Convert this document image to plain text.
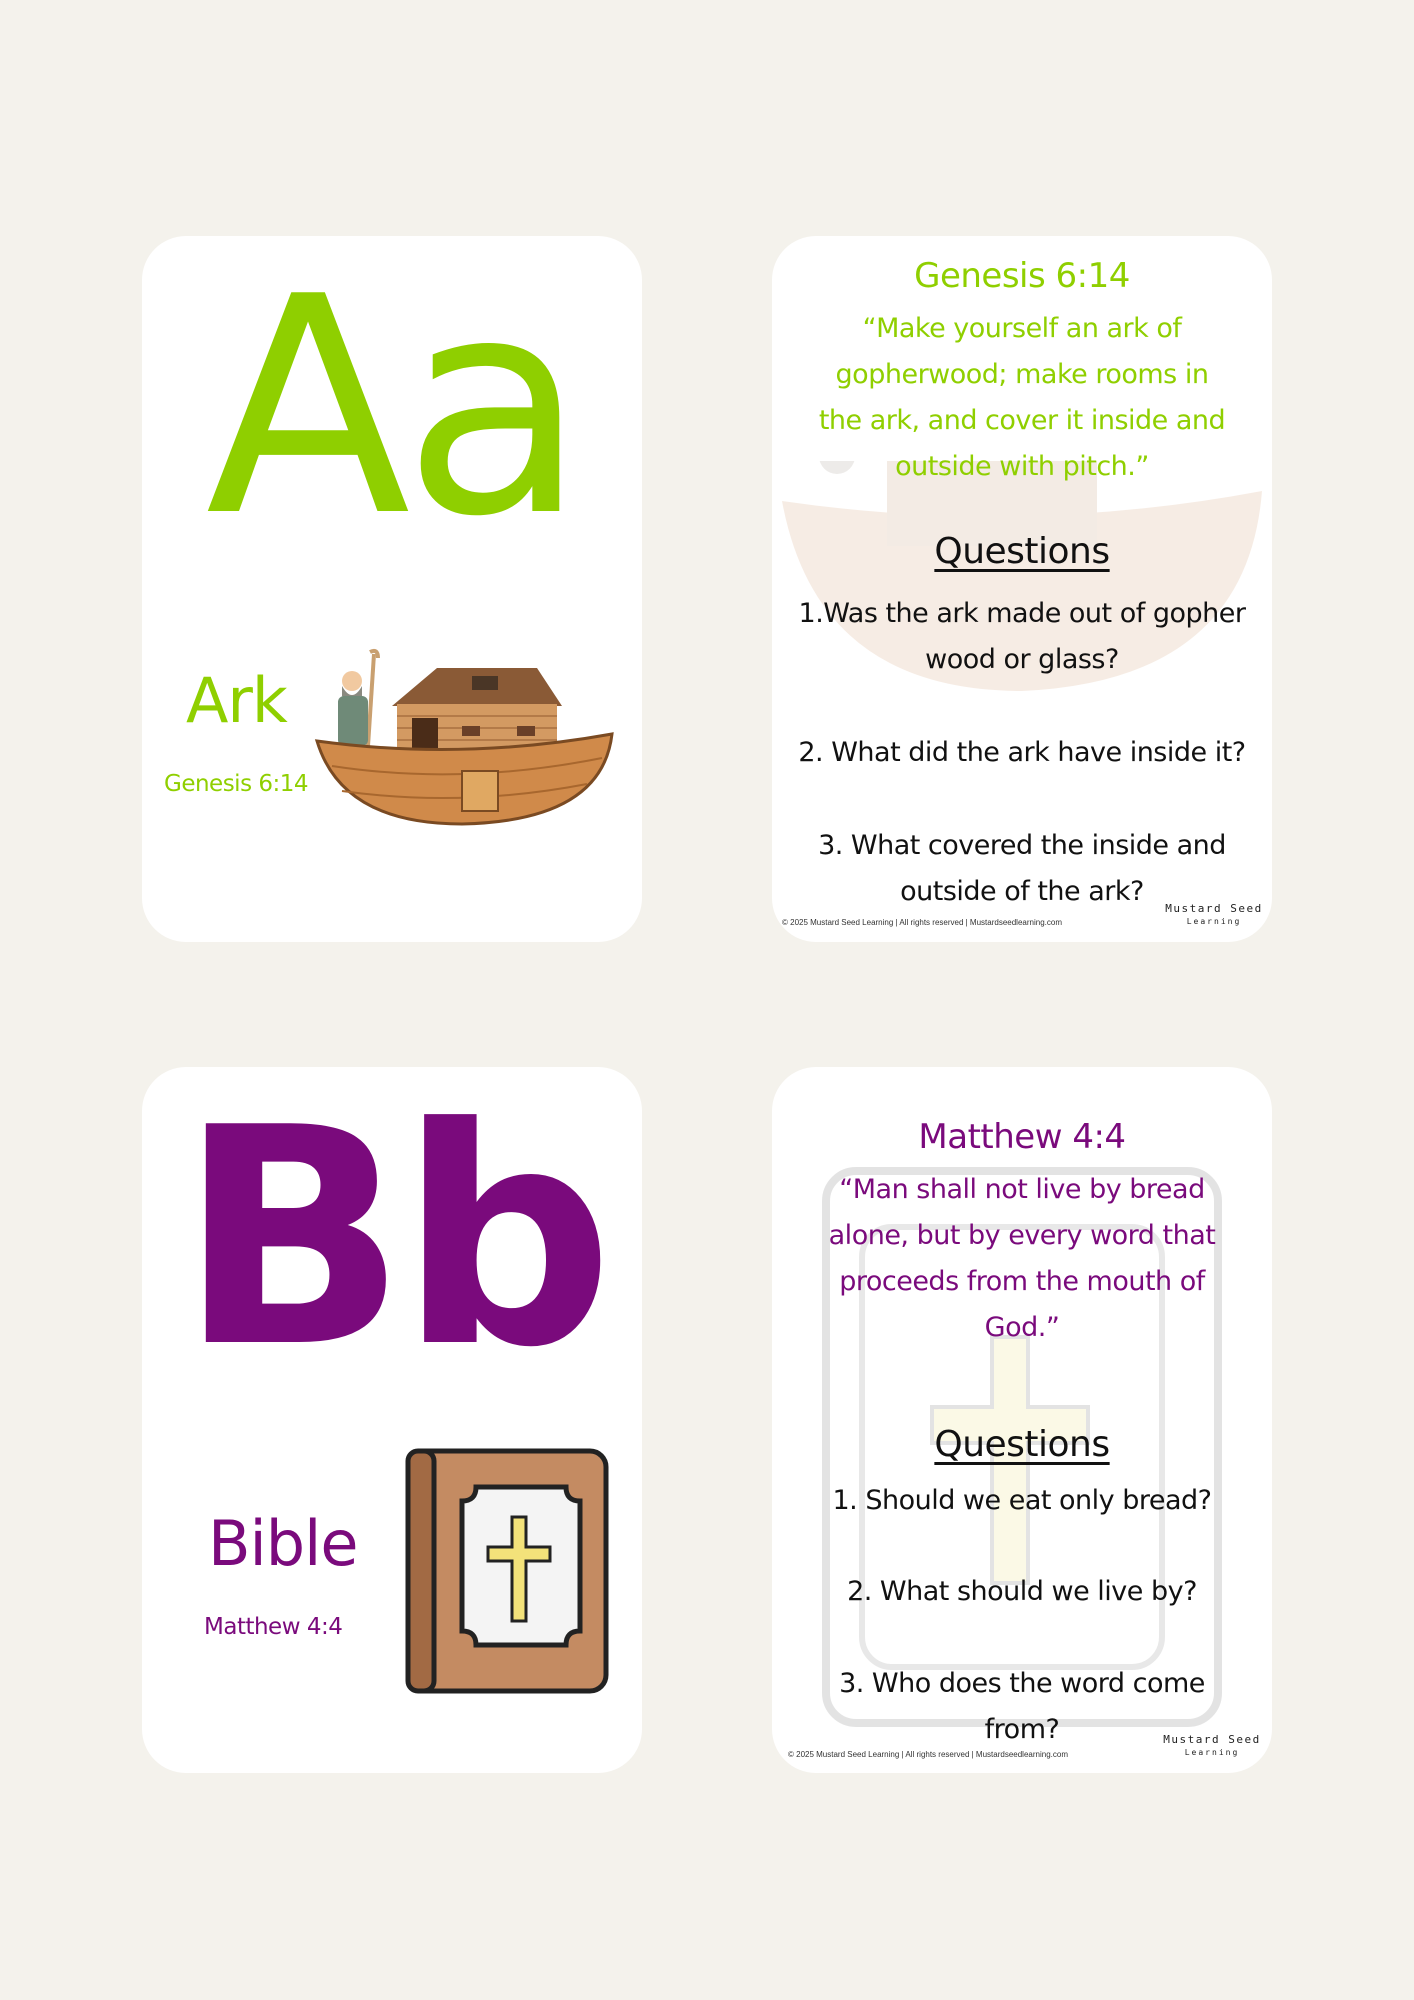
Aa
Ark
Genesis 6:14
Genesis 6:14
“Make yourself an ark of
gopherwood; make rooms in
the ark, and cover it inside and
outside with pitch.”
Questions
1.Was the ark made out of gopher
wood or glass?
2. What did the ark have inside it?
3. What covered the inside and
outside of the ark?
© 2025 Mustard Seed Learning | All rights reserved | Mustardseedlearning.com
Mustard Seed
Learning
Bb
Bible
Matthew 4:4
Matthew 4:4
“Man shall not live by bread
alone, but by every word that
proceeds from the mouth of
God.”
Questions
1. Should we eat only bread?
2. What should we live by?
3. Who does the word come
from?
© 2025 Mustard Seed Learning | All rights reserved | Mustardseedlearning.com
Mustard Seed
Learning
